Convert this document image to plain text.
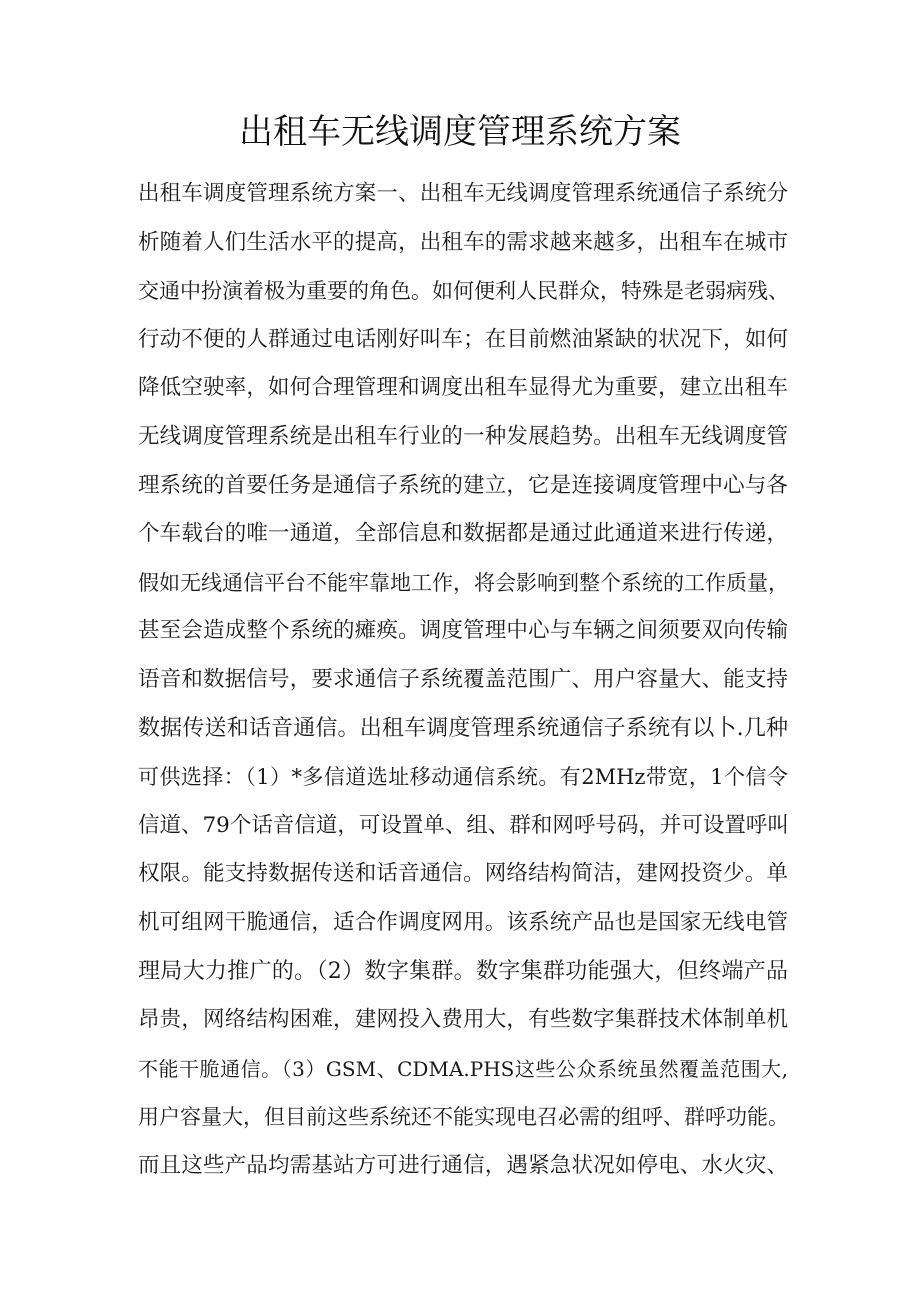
出租车无线调度管理系统方案
出租车调度管理系统方案一、出租车无线调度管理系统通信子系统分
析随着人们生活水平的提高，出租车的需求越来越多，出租车在城市
交通中扮演着极为重要的角色。如何便利人民群众，特殊是老弱病残、
行动不便的人群通过电话刚好叫车；在目前燃油紧缺的状况下，如何
降低空驶率，如何合理管理和调度出租车显得尤为重要，建立出租车
无线调度管理系统是出租车行业的一种发展趋势。出租车无线调度管
理系统的首要任务是通信子系统的建立，它是连接调度管理中心与各
个车载台的唯一通道，全部信息和数据都是通过此通道来进行传递，
假如无线通信平台不能牢靠地工作，将会影响到整个系统的工作质量，
甚至会造成整个系统的瘫痪。调度管理中心与车辆之间须要双向传输
语音和数据信号，要求通信子系统覆盖范围广、用户容量大、能支持
数据传送和话音通信。出租车调度管理系统通信子系统有以卜.几种
可供选择：（1）*多信道选址移动通信系统。有2MHz带宽，1个信令
信道、79个话音信道，可设置单、组、群和网呼号码，并可设置呼叫
权限。能支持数据传送和话音通信。网络结构简洁，建网投资少。单
机可组网干脆通信，适合作调度网用。该系统产品也是国家无线电管
理局大力推广的。（2）数字集群。数字集群功能强大，但终端产品
昂贵，网络结构困难，建网投入费用大，有些数字集群技术体制单机
不能干脆通信。（3）GSM、CDMA.PHS这些公众系统虽然覆盖范围大,
用户容量大，但目前这些系统还不能实现电召必需的组呼、群呼功能。
而且这些产品均需基站方可进行通信，遇紧急状况如停电、水火灾、
